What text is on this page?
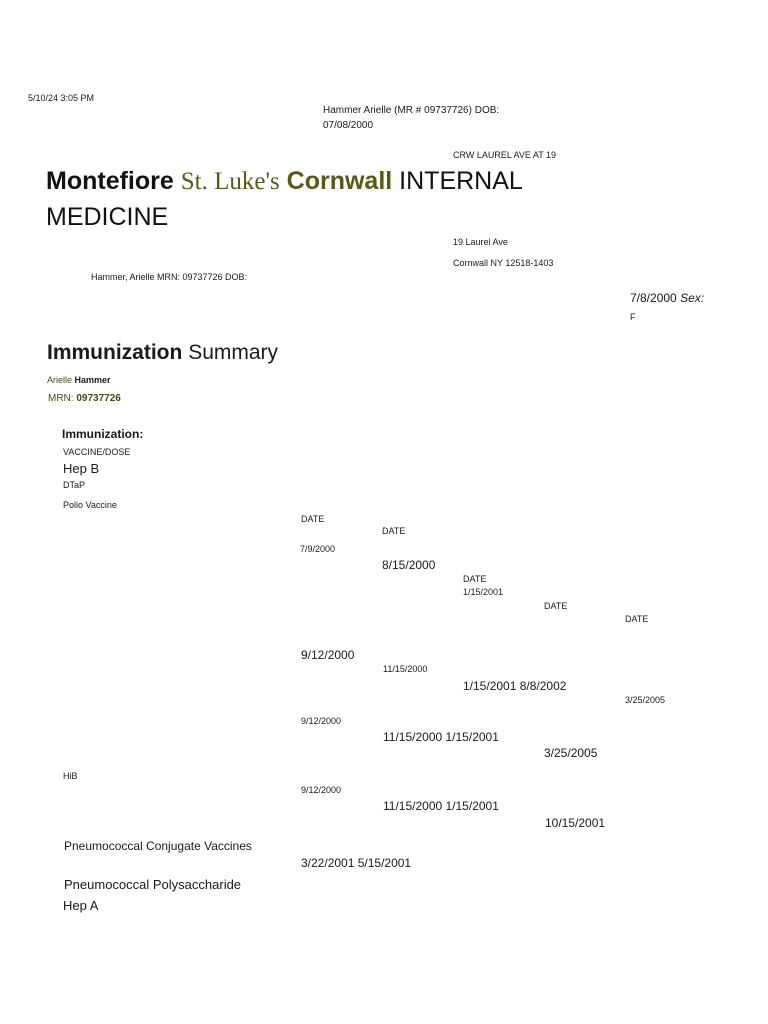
5/10/24 3:05 PM
Hammer Arielle (MR # 09737726) DOB:
07/08/2000
CRW LAUREL AVE AT 19
Montefiore St. Luke's Cornwall INTERNAL
MEDICINE
19 Laurel Ave
Cornwall NY 12518-1403
Hammer, Arielle MRN: 09737726 DOB:
7/8/2000 Sex:
F
Immunization Summary
Arielle Hammer
MRN: 09737726
Immunization:
VACCINE/DOSE
Hep B
DTaP
Polio Vaccine
HiB
Pneumococcal Conjugate Vaccines
Pneumococcal Polysaccharide
Hep A
DATE
DATE
DATE
DATE
DATE
7/9/2000
8/15/2000
1/15/2001
9/12/2000
11/15/2000
1/15/2001 8/8/2002
3/25/2005
9/12/2000
11/15/2000 1/15/2001
3/25/2005
9/12/2000
11/15/2000 1/15/2001
10/15/2001
3/22/2001 5/15/2001
